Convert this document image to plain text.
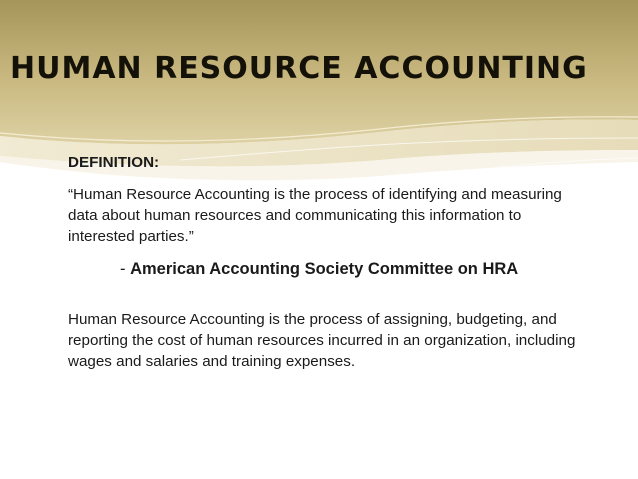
HUMAN RESOURCE ACCOUNTING
DEFINITION:
“Human Resource Accounting is the process of identifying and measuring data about human resources and communicating this information to interested parties.”
- American Accounting Society Committee on HRA
Human Resource Accounting is the process of assigning, budgeting, and reporting the cost of human resources incurred in an organization, including wages and salaries and training expenses.
